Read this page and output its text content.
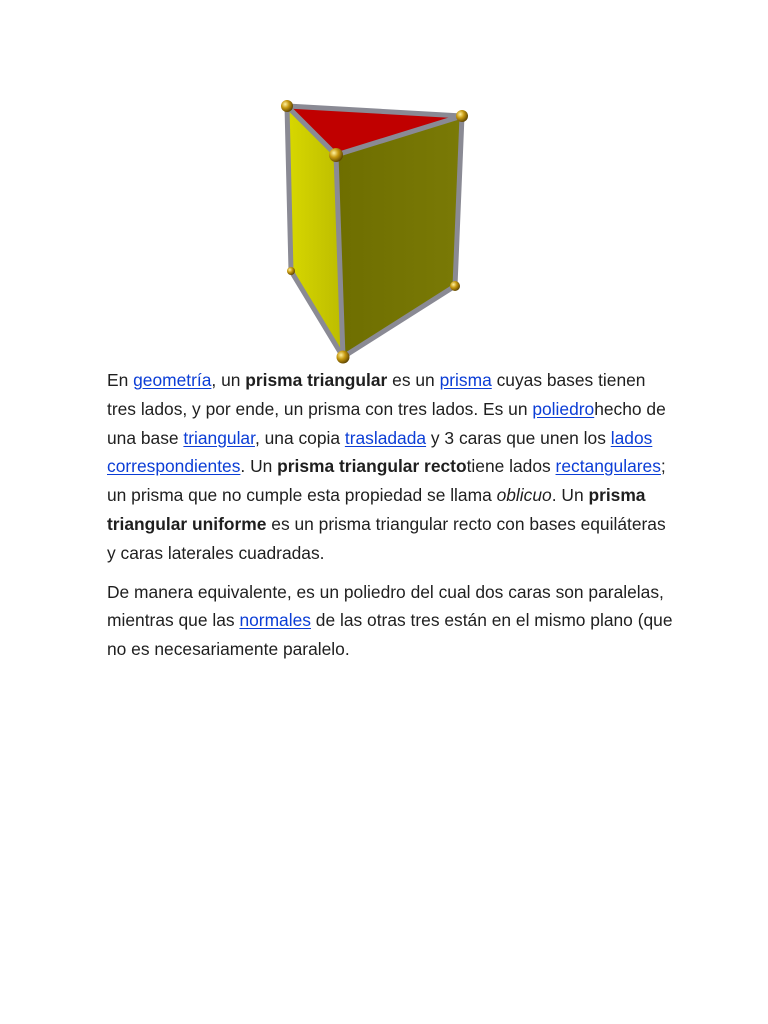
En geometría, un prisma triangular es un prisma cuyas bases tienen tres lados, y por ende, un prisma con tres lados. Es un poliedrohecho de una base triangular, una copia trasladada y 3 caras que unen los lados correspondientes. Un prisma triangular rectotiene lados rectangulares; un prisma que no cumple esta propiedad se llama oblicuo. Un prisma triangular uniforme es un prisma triangular recto con bases equiláteras y caras laterales cuadradas.

De manera equivalente, es un poliedro del cual dos caras son paralelas, mientras que las normales de las otras tres están en el mismo plano (que no es necesariamente paralelo.
